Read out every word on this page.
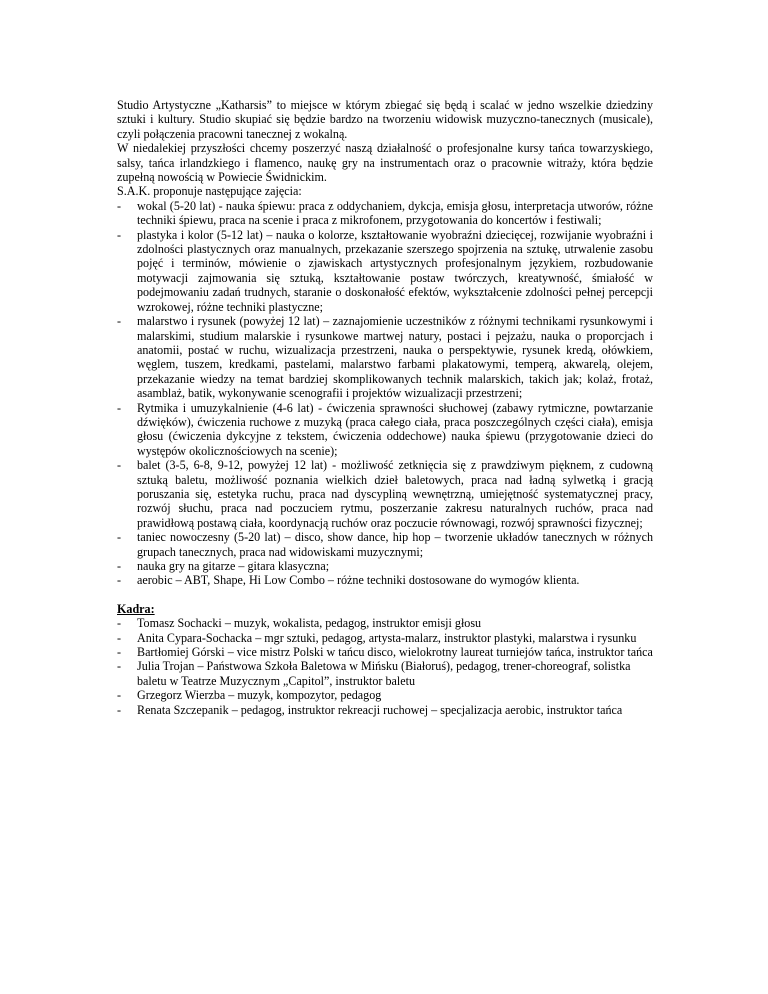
Studio Artystyczne „Katharsis” to miejsce w którym zbiegać się będą i scalać w jedno wszelkie dziedziny sztuki i kultury. Studio skupiać się będzie bardzo na tworzeniu widowisk muzyczno-tanecznych (musicale), czyli połączenia pracowni tanecznej z wokalną.

W niedalekiej przyszłości chcemy poszerzyć naszą działalność o profesjonalne kursy tańca towarzyskiego, salsy, tańca irlandzkiego i flamenco, naukę gry na instrumentach oraz o pracownie witraży, która będzie zupełną nowością w Powiecie Świdnickim.

S.A.K. proponuje następujące zajęcia:

- wokal (5-20 lat) - nauka śpiewu: praca z oddychaniem, dykcja, emisja głosu, interpretacja utworów, różne techniki śpiewu, praca na scenie i praca z mikrofonem, przygotowania do koncertów i festiwali;
- plastyka i kolor (5-12 lat) – nauka o kolorze, kształtowanie wyobraźni dziecięcej, rozwijanie wyobraźni i zdolności plastycznych oraz manualnych, przekazanie szerszego spojrzenia na sztukę, utrwalenie zasobu pojęć i terminów, mówienie o zjawiskach artystycznych profesjonalnym językiem, rozbudowanie motywacji zajmowania się sztuką, kształtowanie postaw twórczych, kreatywność, śmiałość w podejmowaniu zadań trudnych, staranie o doskonałość efektów, wykształcenie zdolności pełnej percepcji wzrokowej, różne techniki plastyczne;
- malarstwo i rysunek (powyżej 12 lat) – zaznajomienie uczestników z różnymi technikami rysunkowymi i malarskimi, studium malarskie i rysunkowe martwej natury, postaci i pejzażu, nauka o proporcjach i anatomii, postać w ruchu, wizualizacja przestrzeni, nauka o perspektywie, rysunek kredą, ołówkiem, węglem, tuszem, kredkami, pastelami, malarstwo farbami plakatowymi, temperą, akwarelą, olejem, przekazanie wiedzy na temat bardziej skomplikowanych technik malarskich, takich jak; kolaż, frotaż, asamblaż, batik, wykonywanie scenografii i projektów wizualizacji przestrzeni;
- Rytmika i umuzykalnienie (4-6 lat) - ćwiczenia sprawności słuchowej (zabawy rytmiczne, powtarzanie dźwięków), ćwiczenia ruchowe z muzyką (praca całego ciała, praca poszczególnych części ciała), emisja głosu (ćwiczenia dykcyjne z tekstem, ćwiczenia oddechowe) nauka śpiewu (przygotowanie dzieci do występów okolicznościowych na scenie);
- balet (3-5, 6-8, 9-12, powyżej 12 lat) - możliwość zetknięcia się z prawdziwym pięknem, z cudowną sztuką baletu, możliwość poznania wielkich dzieł baletowych, praca nad ładną sylwetką i gracją poruszania się, estetyka ruchu, praca nad dyscypliną wewnętrzną, umiejętność systematycznej pracy, rozwój słuchu, praca nad poczuciem rytmu, poszerzanie zakresu naturalnych ruchów, praca nad prawidłową postawą ciała, koordynacją ruchów oraz poczucie równowagi, rozwój sprawności fizycznej;
- taniec nowoczesny (5-20 lat) – disco, show dance, hip hop – tworzenie układów tanecznych w różnych grupach tanecznych, praca nad widowiskami muzycznymi;
- nauka gry na gitarze – gitara klasyczna;
- aerobic – ABT, Shape, Hi Low Combo – różne techniki dostosowane do wymogów klienta.
Kadra:
- Tomasz Sochacki – muzyk, wokalista, pedagog, instruktor emisji głosu
- Anita Cypara-Sochacka – mgr sztuki, pedagog, artysta-malarz, instruktor plastyki, malarstwa i rysunku
- Bartłomiej Górski – vice mistrz Polski w tańcu disco, wielokrotny laureat turniejów tańca, instruktor tańca
- Julia Trojan – Państwowa Szkoła Baletowa w Mińsku (Białoruś), pedagog, trener-choreograf, solistka baletu w Teatrze Muzycznym „Capitol”, instruktor baletu
- Grzegorz Wierzba – muzyk, kompozytor, pedagog
- Renata Szczepanik – pedagog, instruktor rekreacji ruchowej – specjalizacja aerobic, instruktor tańca
